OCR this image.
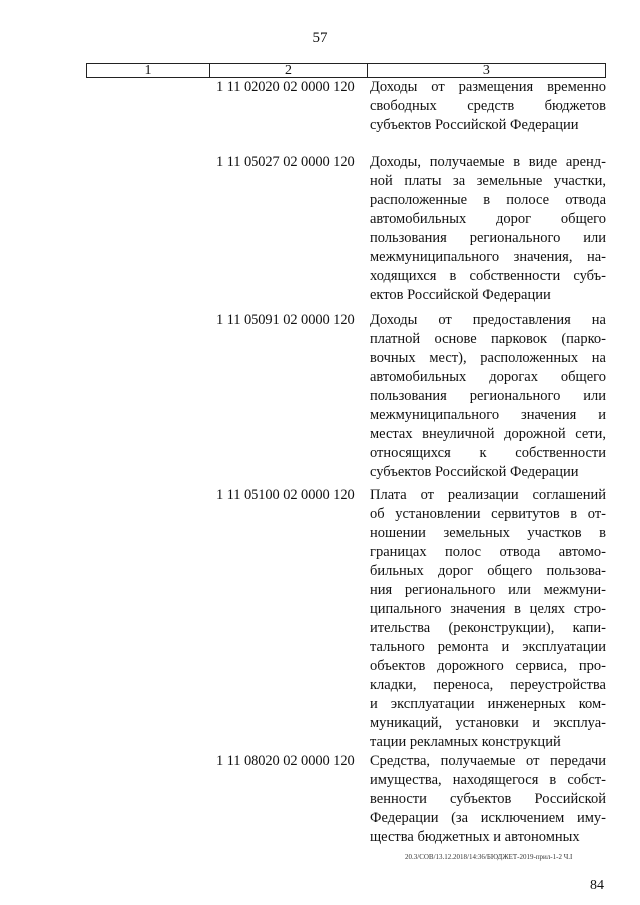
57
1	2	3
1 11 02020 02 0000 120 Доходы от размещения временно
свободных средств бюджетов
субъектов Российской Федерации
1 11 05027 02 0000 120 Доходы, получаемые в виде аренд-
ной платы за земельные участки,
расположенные в полосе отвода
автомобильных дорог общего
пользования регионального или
межмуниципального значения, на-
ходящихся в собственности субъ-
ектов Российской Федерации
1 11 05091 02 0000 120 Доходы от предоставления на
платной основе парковок (парко-
вочных мест), расположенных на
автомобильных дорогах общего
пользования регионального или
межмуниципального значения и
местах внеуличной дорожной сети,
относящихся к собственности
субъектов Российской Федерации
1 11 05100 02 0000 120 Плата от реализации соглашений
об установлении сервитутов в от-
ношении земельных участков в
границах полос отвода автомо-
бильных дорог общего пользова-
ния регионального или межмуни-
ципального значения в целях стро-
ительства (реконструкции), капи-
тального ремонта и эксплуатации
объектов дорожного сервиса, про-
кладки, переноса, переустройства
и эксплуатации инженерных ком-
муникаций, установки и эксплуа-
тации рекламных конструкций
1 11 08020 02 0000 120 Средства, получаемые от передачи
имущества, находящегося в собст-
венности субъектов Российской
Федерации (за исключением иму-
щества бюджетных и автономных
20.3/СОВ/13.12.2018/14:36/БЮДЖЕТ-2019-прил-1-2 Ч.I
84
